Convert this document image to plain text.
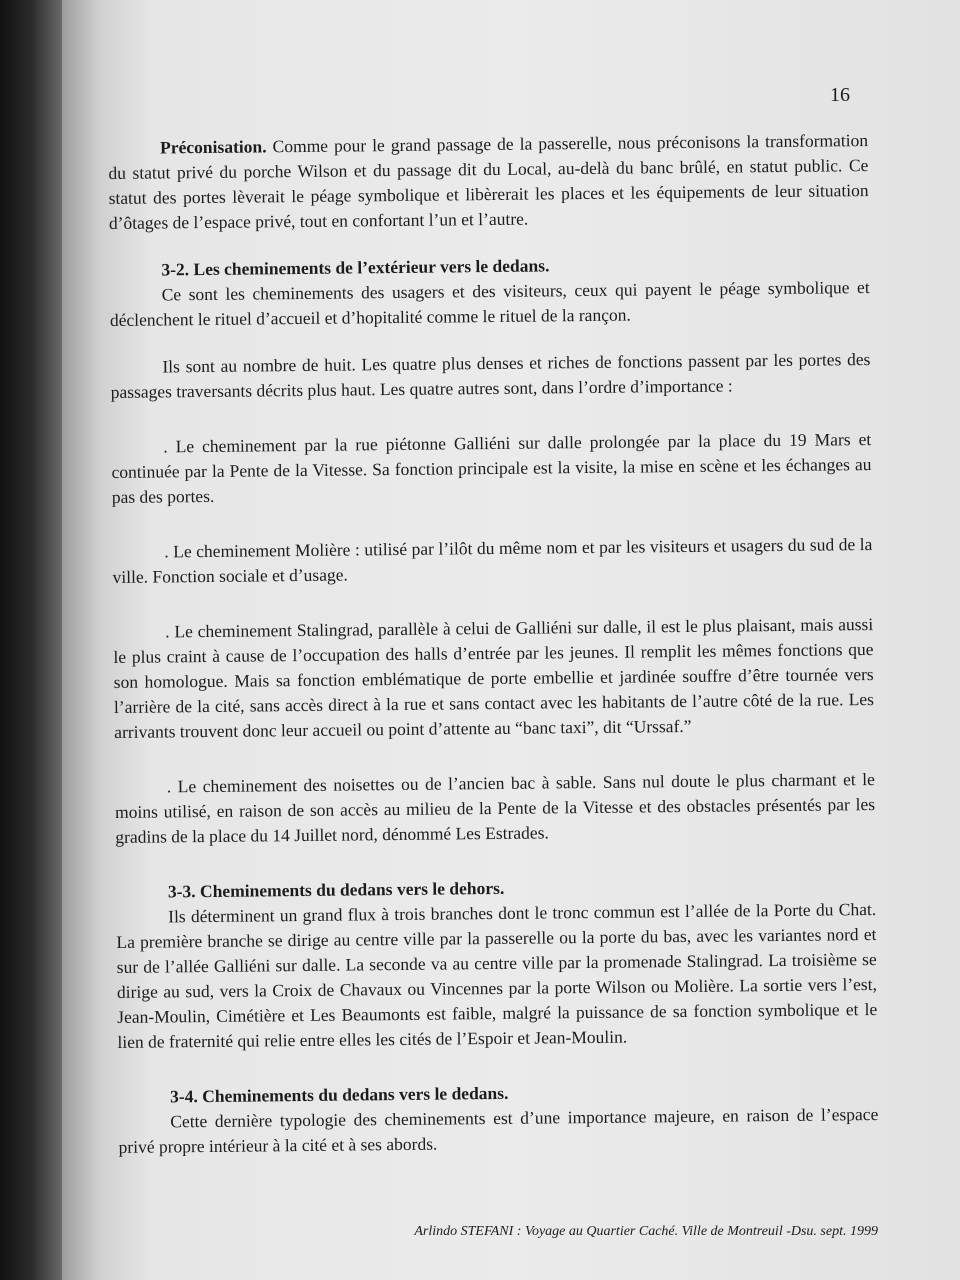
16

Préconisation. Comme pour le grand passage de la passerelle, nous préconisons la transformation du statut privé du porche Wilson et du passage dit du Local, au-delà du banc brûlé, en statut public. Ce statut des portes lèverait le péage symbolique et libèrerait les places et les équipements de leur situation d’ôtages de l’espace privé, tout en confortant l’un et l’autre.

3-2. Les cheminements de l’extérieur vers le dedans.

Ce sont les cheminements des usagers et des visiteurs, ceux qui payent le péage symbolique et déclenchent le rituel d’accueil et d’hopitalité comme le rituel de la rançon.

Ils sont au nombre de huit. Les quatre plus denses et riches de fonctions passent par les portes des passages traversants décrits plus haut. Les quatre autres sont, dans l’ordre d’importance :

. Le cheminement par la rue piétonne Galliéni sur dalle prolongée par la place du 19 Mars et continuée par la Pente de la Vitesse. Sa fonction principale est la visite, la mise en scène et les échanges au pas des portes.

. Le cheminement Molière : utilisé par l’ilôt du même nom et par les visiteurs et usagers du sud de la ville. Fonction sociale et d’usage.

. Le cheminement Stalingrad, parallèle à celui de Galliéni sur dalle, il est le plus plaisant, mais aussi le plus craint à cause de l’occupation des halls d’entrée par les jeunes. Il remplit les mêmes fonctions que son homologue. Mais sa fonction emblématique de porte embellie et jardinée souffre d’être tournée vers l’arrière de la cité, sans accès direct à la rue et sans contact avec les habitants de l’autre côté de la rue. Les arrivants trouvent donc leur accueil ou point d’attente au “banc taxi”, dit “Urssaf.”

. Le cheminement des noisettes ou de l’ancien bac à sable. Sans nul doute le plus charmant et le moins utilisé, en raison de son accès au milieu de la Pente de la Vitesse et des obstacles présentés par les gradins de la place du 14 Juillet nord, dénommé Les Estrades.

3-3. Cheminements du dedans vers le dehors.

Ils déterminent un grand flux à trois branches dont le tronc commun est l’allée de la Porte du Chat. La première branche se dirige au centre ville par la passerelle ou la porte du bas, avec les variantes nord et sur de l’allée Galliéni sur dalle. La seconde va au centre ville par la promenade Stalingrad. La troisième se dirige au sud, vers la Croix de Chavaux ou Vincennes par la porte Wilson ou Molière. La sortie vers l’est, Jean-Moulin, Cimétière et Les Beaumonts est faible, malgré la puissance de sa fonction symbolique et le lien de fraternité qui relie entre elles les cités de l’Espoir et Jean-Moulin.

3-4. Cheminements du dedans vers le dedans.

Cette dernière typologie des cheminements est d’une importance majeure, en raison de l’espace privé propre intérieur à la cité et à ses abords.

Arlindo STEFANI : Voyage au Quartier Caché. Ville de Montreuil -Dsu. sept. 1999
